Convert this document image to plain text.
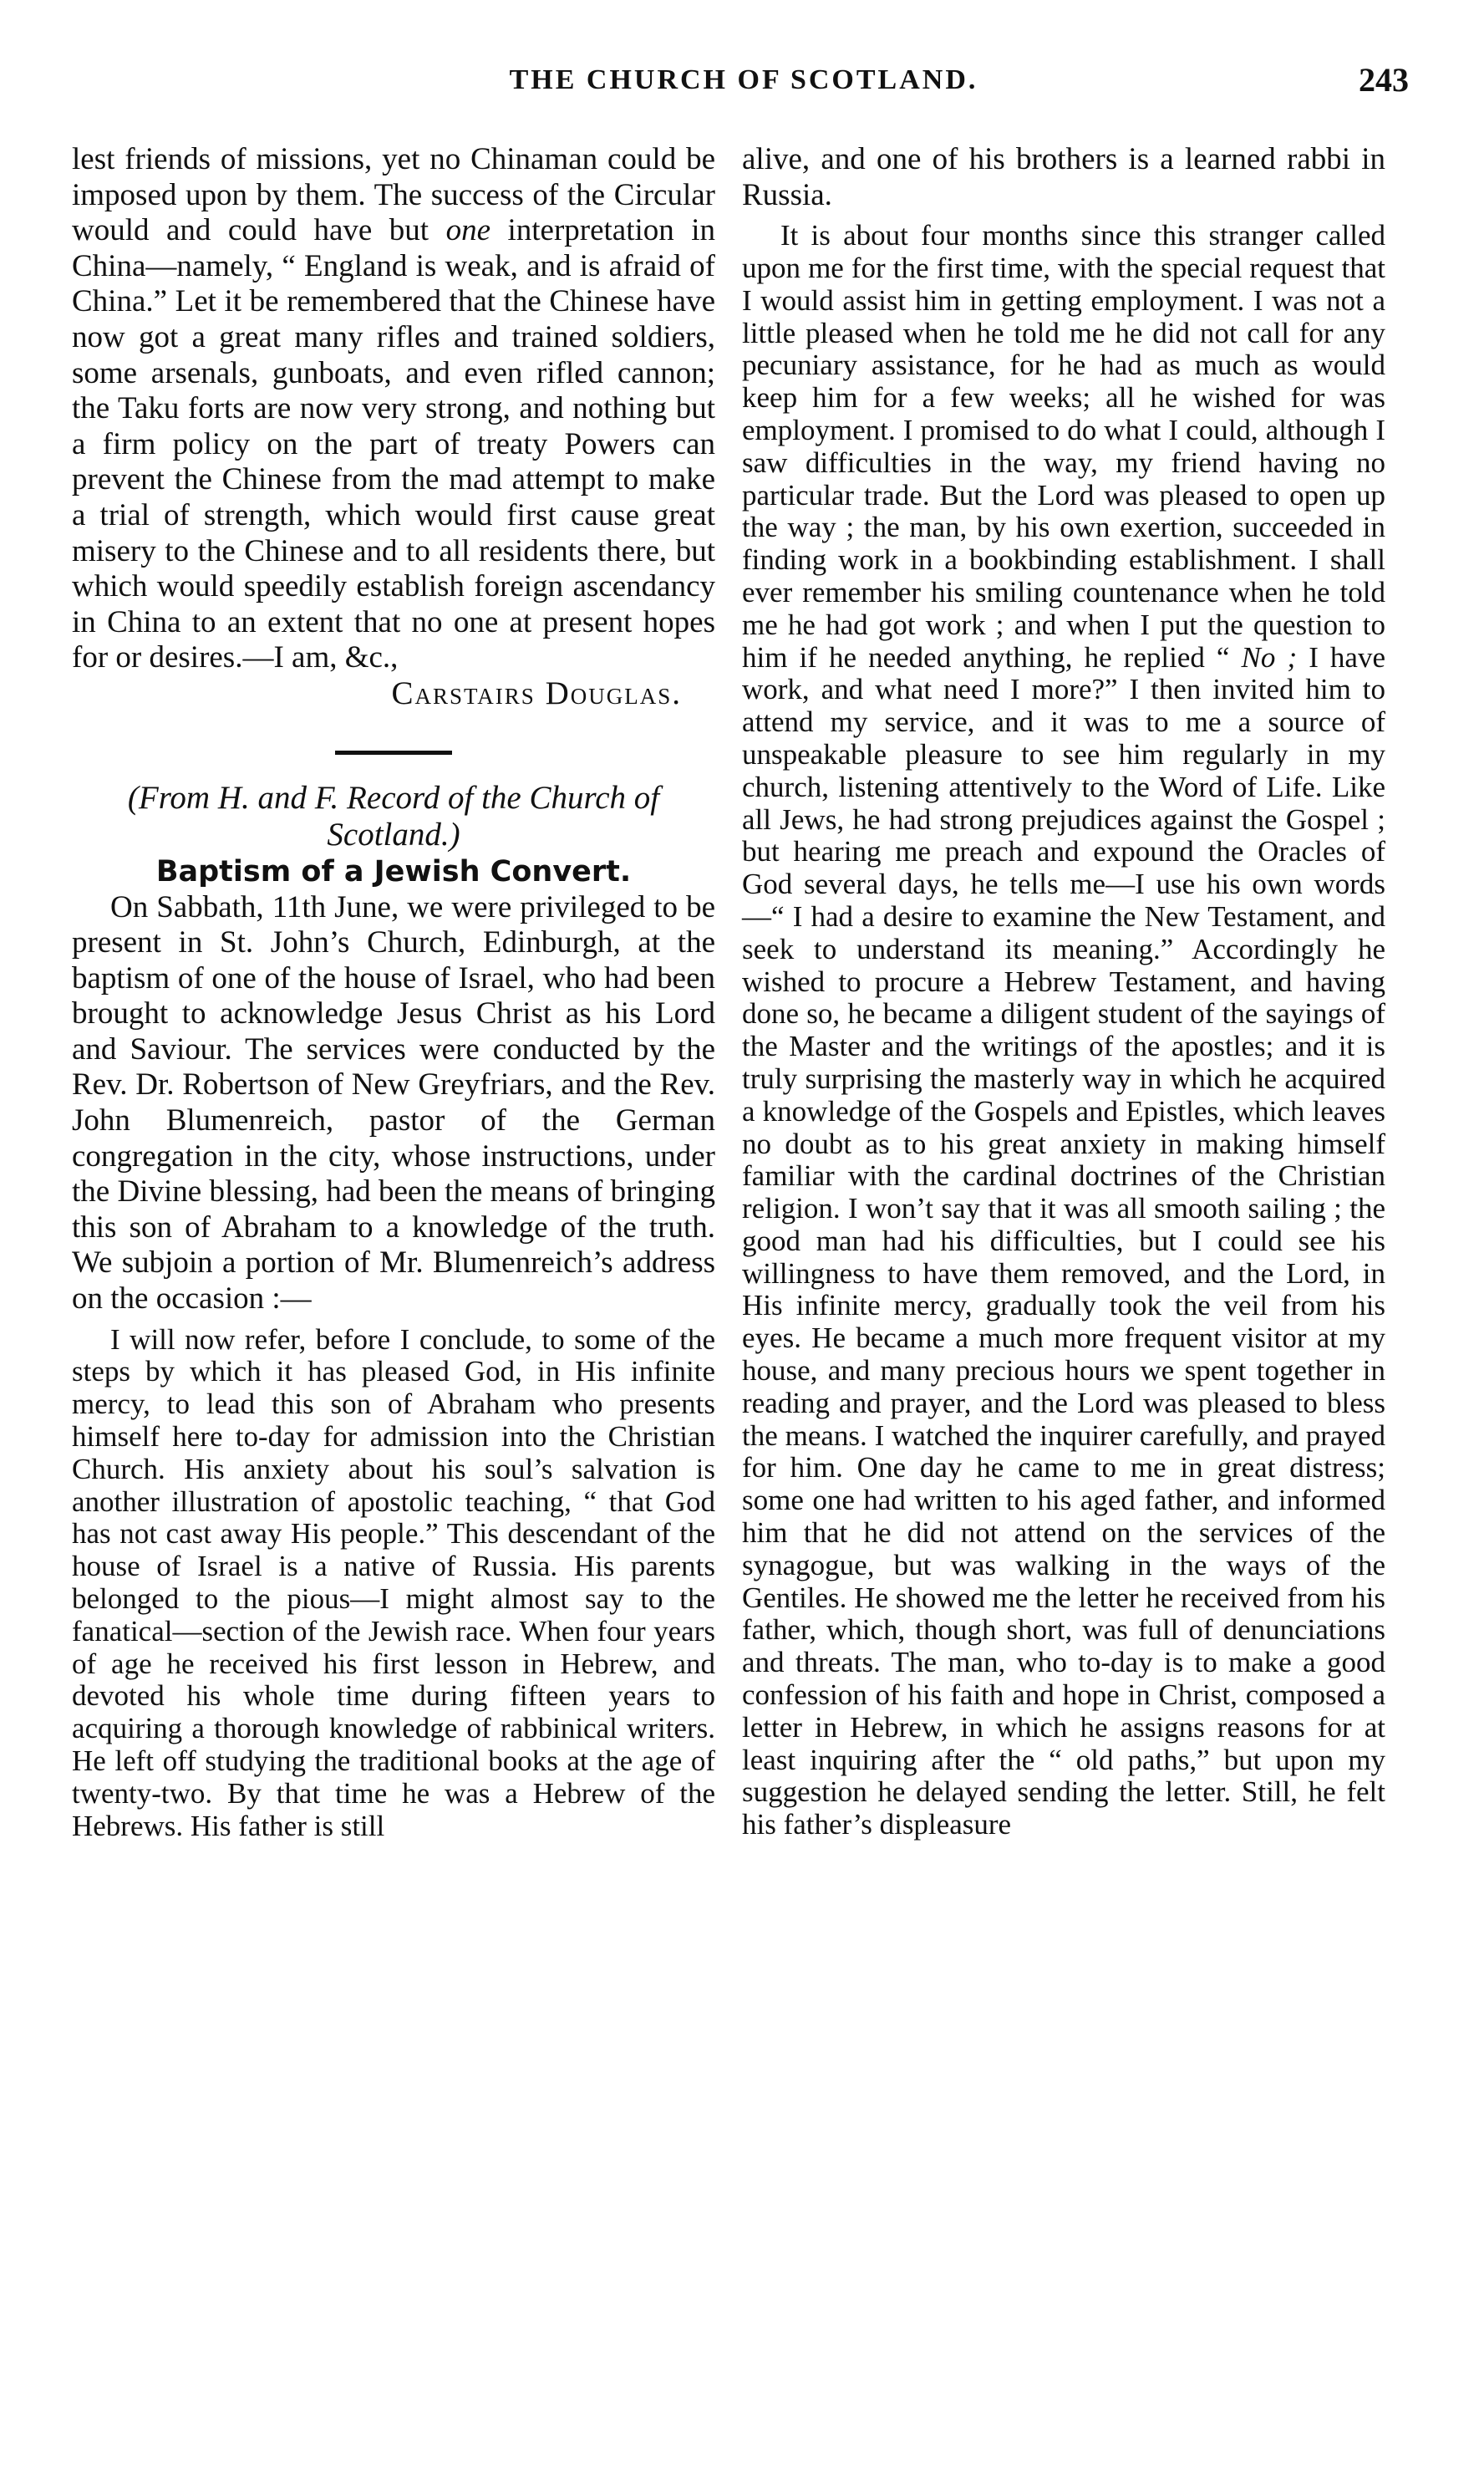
THE CHURCH OF SCOTLAND.	243

lest friends of missions, yet no Chinaman could be imposed upon by them. The success of the Circular would and could have but one interpretation in China—namely, “ England is weak, and is afraid of China.” Let it be remembered that the Chinese have now got a great many rifles and trained soldiers, some arsenals, gunboats, and even rifled cannon; the Taku forts are now very strong, and nothing but a firm policy on the part of treaty Powers can prevent the Chinese from the mad attempt to make a trial of strength, which would first cause great misery to the Chinese and to all residents there, but which would speedily establish foreign ascendancy in China to an extent that no one at present hopes for or desires.—I am, &c.,

Carstairs Douglas.

(From H. and F. Record of the Church of Scotland.)

Baptism of a Jewish Convert.

On Sabbath, 11th June, we were privileged to be present in St. John’s Church, Edinburgh, at the baptism of one of the house of Israel, who had been brought to acknowledge Jesus Christ as his Lord and Saviour. The services were conducted by the Rev. Dr. Robertson of New Greyfriars, and the Rev. John Blumenreich, pastor of the German congregation in the city, whose instructions, under the Divine blessing, had been the means of bringing this son of Abraham to a knowledge of the truth. We subjoin a portion of Mr. Blumenreich’s address on the occasion :—

I will now refer, before I conclude, to some of the steps by which it has pleased God, in His infinite mercy, to lead this son of Abraham who presents himself here to-day for admission into the Christian Church. His anxiety about his soul’s salvation is another illustration of apostolic teaching, “ that God has not cast away His people.” This descendant of the house of Israel is a native of Russia. His parents belonged to the pious—I might almost say to the fanatical—section of the Jewish race. When four years of age he received his first lesson in Hebrew, and devoted his whole time during fifteen years to acquiring a thorough knowledge of rabbinical writers. He left off studying the traditional books at the age of twenty-two. By that time he was a Hebrew of the Hebrews. His father is still

alive, and one of his brothers is a learned rabbi in Russia.

It is about four months since this stranger called upon me for the first time, with the special request that I would assist him in getting employment. I was not a little pleased when he told me he did not call for any pecuniary assistance, for he had as much as would keep him for a few weeks; all he wished for was employment. I promised to do what I could, although I saw difficulties in the way, my friend having no particular trade. But the Lord was pleased to open up the way ; the man, by his own exertion, succeeded in finding work in a bookbinding establishment. I shall ever remember his smiling countenance when he told me he had got work ; and when I put the question to him if he needed anything, he replied “ No ; I have work, and what need I more?” I then invited him to attend my service, and it was to me a source of unspeakable pleasure to see him regularly in my church, listening attentively to the Word of Life. Like all Jews, he had strong prejudices against the Gospel ; but hearing me preach and expound the Oracles of God several days, he tells me—I use his own words—“ I had a desire to examine the New Testament, and seek to understand its meaning.” Accordingly he wished to procure a Hebrew Testament, and having done so, he became a diligent student of the sayings of the Master and the writings of the apostles; and it is truly surprising the masterly way in which he acquired a knowledge of the Gospels and Epistles, which leaves no doubt as to his great anxiety in making himself familiar with the cardinal doctrines of the Christian religion. I won’t say that it was all smooth sailing ; the good man had his difficulties, but I could see his willingness to have them removed, and the Lord, in His infinite mercy, gradually took the veil from his eyes. He became a much more frequent visitor at my house, and many precious hours we spent together in reading and prayer, and the Lord was pleased to bless the means. I watched the inquirer carefully, and prayed for him. One day he came to me in great distress; some one had written to his aged father, and informed him that he did not attend on the services of the synagogue, but was walking in the ways of the Gentiles. He showed me the letter he received from his father, which, though short, was full of denunciations and threats. The man, who to-day is to make a good confession of his faith and hope in Christ, composed a letter in Hebrew, in which he assigns reasons for at least inquiring after the “ old paths,” but upon my suggestion he delayed sending the letter. Still, he felt his father’s displeasure
